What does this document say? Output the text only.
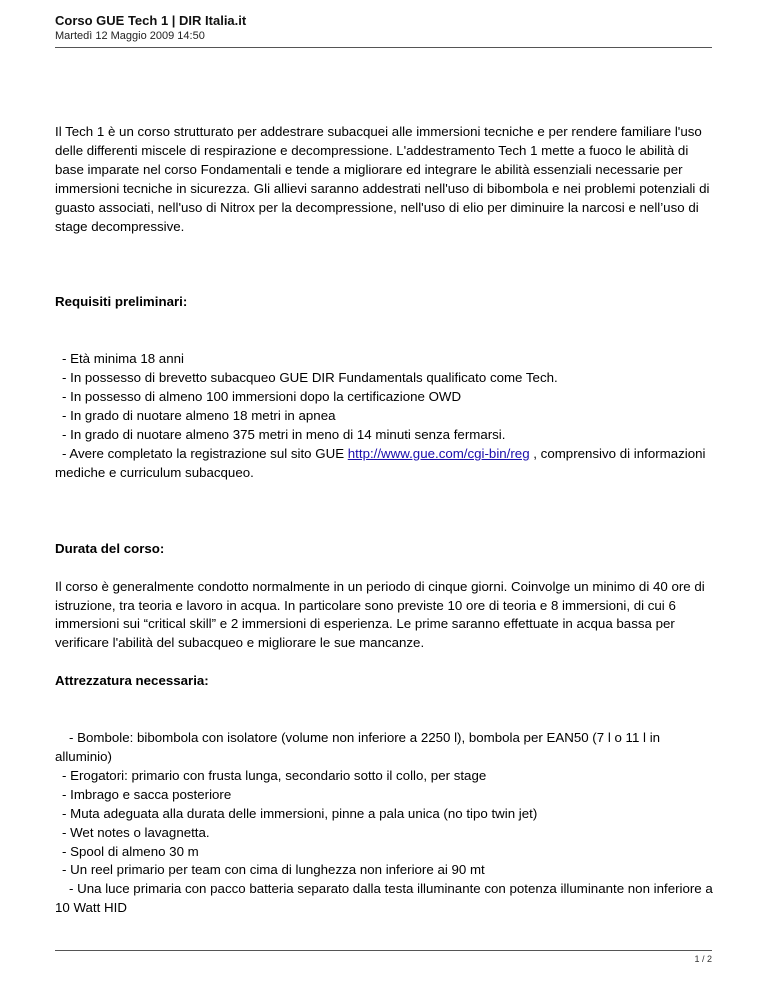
Corso GUE Tech 1 | DIR Italia.it
Martedì 12 Maggio 2009 14:50

Il Tech 1 è un corso strutturato per addestrare subacquei alle immersioni tecniche e per rendere familiare l'uso delle differenti miscele di respirazione e decompressione. L'addestramento Tech 1 mette a fuoco le abilità di base imparate nel corso Fondamentali e tende a migliorare ed integrare le abilità essenziali necessarie per immersioni tecniche in sicurezza. Gli allievi saranno addestrati nell'uso di bibombola e nei problemi potenziali di guasto associati, nell'uso di Nitrox per la decompressione, nell'uso di elio per diminuire la narcosi e nell’uso di stage decompressive.

Requisiti preliminari:

- Età minima 18 anni

- In possesso di brevetto subacqueo GUE DIR Fundamentals qualificato come Tech.

- In possesso di almeno 100 immersioni dopo la certificazione OWD

- In grado di nuotare almeno 18 metri in apnea

- In grado di nuotare almeno 375 metri in meno di 14 minuti senza fermarsi.

- Avere completato la registrazione sul sito GUE http://www.gue.com/cgi-bin/reg , comprensivo di informazioni mediche e curriculum subacqueo.

Durata del corso:

Il corso è generalmente condotto normalmente in un periodo di cinque giorni. Coinvolge un minimo di 40 ore di istruzione, tra teoria e lavoro in acqua. In particolare sono previste 10 ore di teoria e 8 immersioni, di cui 6 immersioni sui “critical skill” e 2 immersioni di esperienza. Le prime saranno effettuate in acqua bassa per verificare l'abilità del subacqueo e migliorare le sue mancanze.

Attrezzatura necessaria:

- Bombole: bibombola con isolatore (volume non inferiore a 2250 l), bombola per EAN50 (7 l o 11 l in alluminio)

- Erogatori: primario con frusta lunga, secondario sotto il collo, per stage

- Imbrago e sacca posteriore

- Muta adeguata alla durata delle immersioni, pinne a pala unica (no tipo twin jet)

- Wet notes o lavagnetta.

- Spool di almeno 30 m

- Un reel primario per team con cima di lunghezza non inferiore ai 90 mt

- Una luce primaria con pacco batteria separato dalla testa illuminante con potenza illuminante non inferiore a 10 Watt HID

1 / 2
